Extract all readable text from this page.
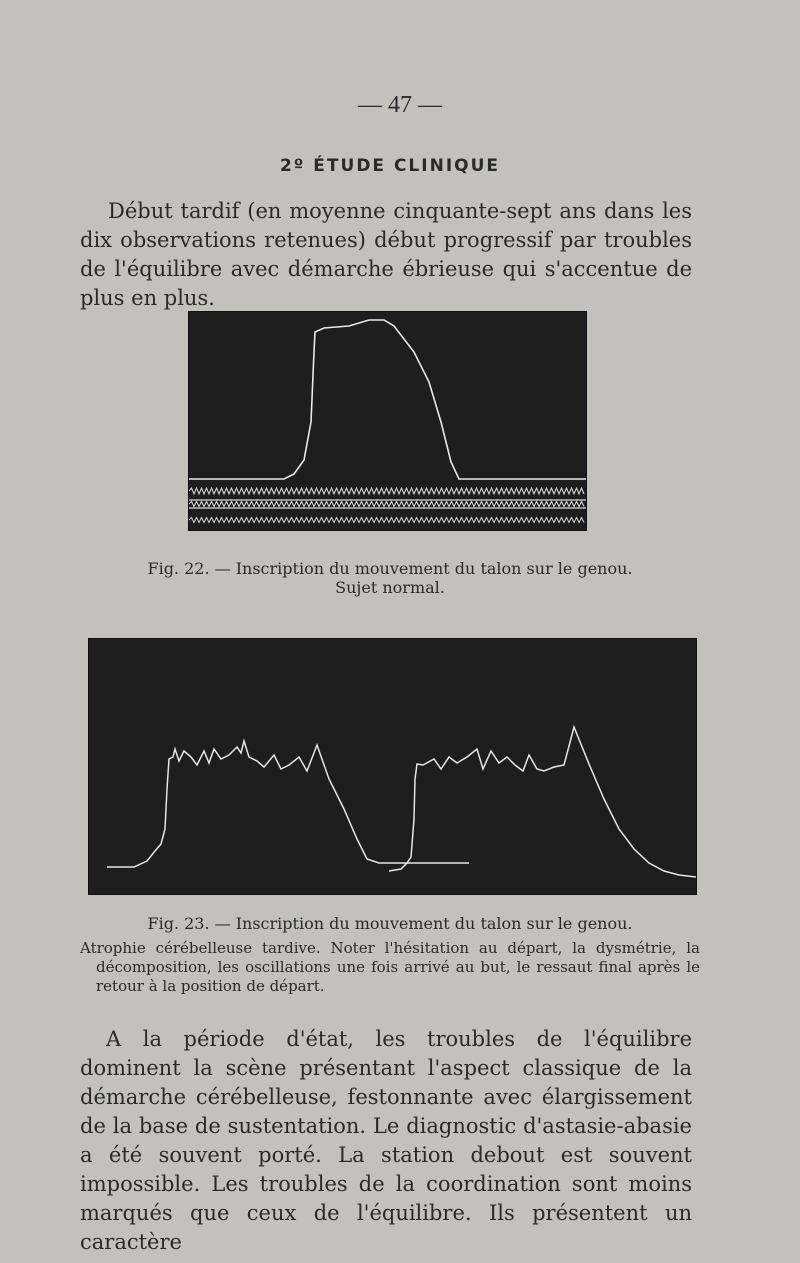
— 47 —
2º ÉTUDE CLINIQUE

Début tardif (en moyenne cinquante-sept ans dans les dix observations retenues) début progressif par troubles de l'équilibre avec démarche ébrieuse qui s'accentue de plus en plus.

Fig. 22. — Inscription du mouvement du talon sur le genou.
Sujet normal.
Fig. 23. — Inscription du mouvement du talon sur le genou.
Atrophie cérébelleuse tardive. Noter l'hésitation au départ, la dysmétrie, la décomposition, les oscillations une fois arrivé au but, le ressaut final après le retour à la position de départ.

A la période d'état, les troubles de l'équilibre dominent la scène présentant l'aspect classique de la démarche cérébelleuse, festonnante avec élargissement de la base de sustentation. Le diagnostic d'astasie-abasie a été souvent porté. La station debout est souvent impossible. Les troubles de la coordination sont moins marqués que ceux de l'équilibre. Ils présentent un caractère
